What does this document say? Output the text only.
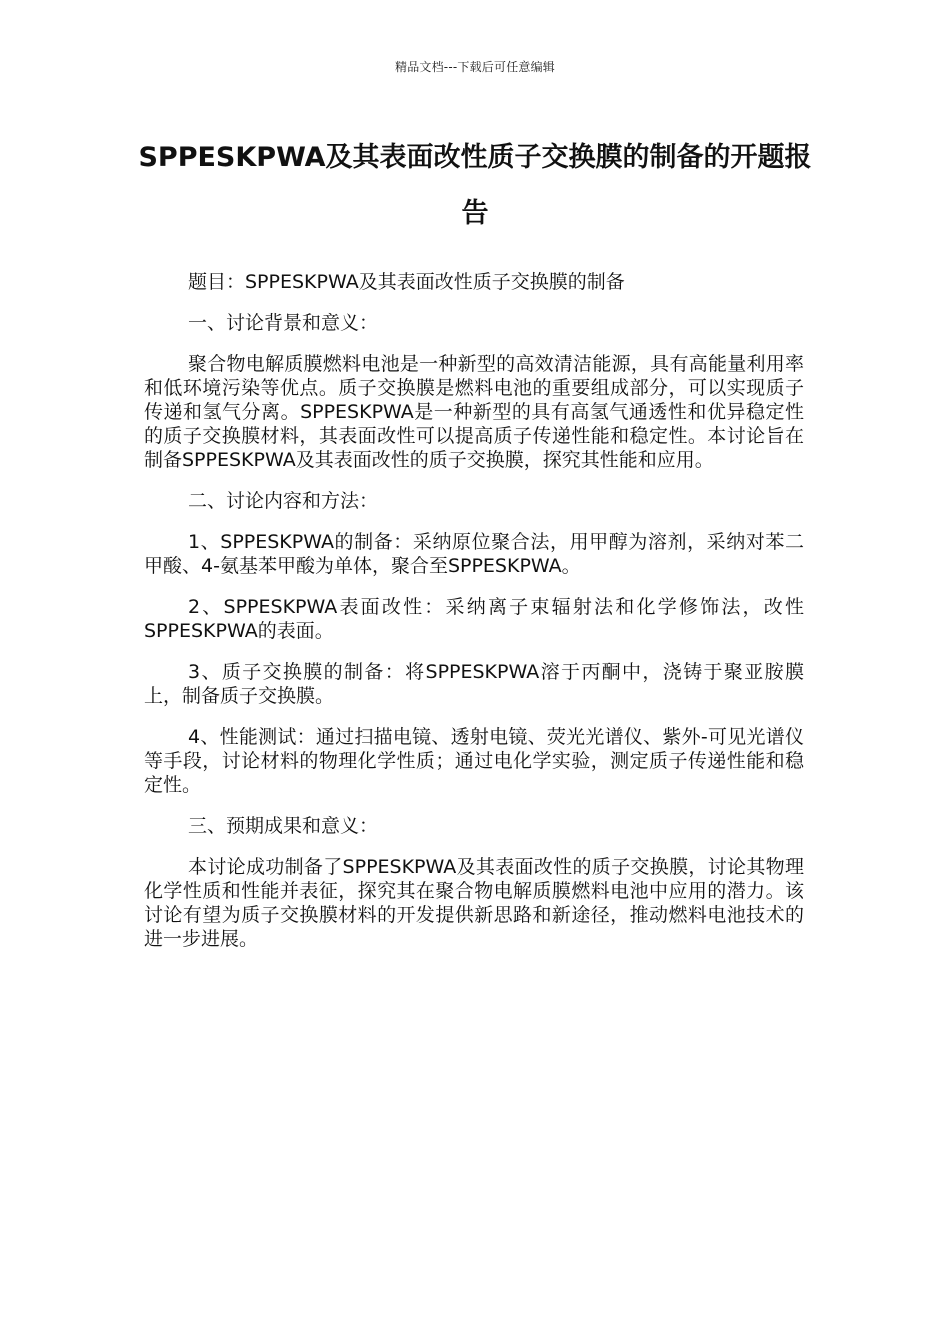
精品文档---下载后可任意编辑
SPPESKPWA及其表面改性质子交换膜的制备的开题报告

题目：SPPESKPWA及其表面改性质子交换膜的制备

一、讨论背景和意义：

聚合物电解质膜燃料电池是一种新型的高效清洁能源，具有高能量利用率和低环境污染等优点。质子交换膜是燃料电池的重要组成部分，可以实现质子传递和氢气分离。SPPESKPWA是一种新型的具有高氢气通透性和优异稳定性的质子交换膜材料，其表面改性可以提高质子传递性能和稳定性。本讨论旨在制备SPPESKPWA及其表面改性的质子交换膜，探究其性能和应用。

二、讨论内容和方法：

1、SPPESKPWA的制备：采纳原位聚合法，用甲醇为溶剂，采纳对苯二甲酸、4-氨基苯甲酸为单体，聚合至SPPESKPWA。

2、SPPESKPWA表面改性：采纳离子束辐射法和化学修饰法，改性SPPESKPWA的表面。

3、质子交换膜的制备：将SPPESKPWA溶于丙酮中，浇铸于聚亚胺膜上，制备质子交换膜。

4、性能测试：通过扫描电镜、透射电镜、荧光光谱仪、紫外-可见光谱仪等手段，讨论材料的物理化学性质；通过电化学实验，测定质子传递性能和稳定性。

三、预期成果和意义：

本讨论成功制备了SPPESKPWA及其表面改性的质子交换膜，讨论其物理化学性质和性能并表征，探究其在聚合物电解质膜燃料电池中应用的潜力。该讨论有望为质子交换膜材料的开发提供新思路和新途径，推动燃料电池技术的进一步进展。
